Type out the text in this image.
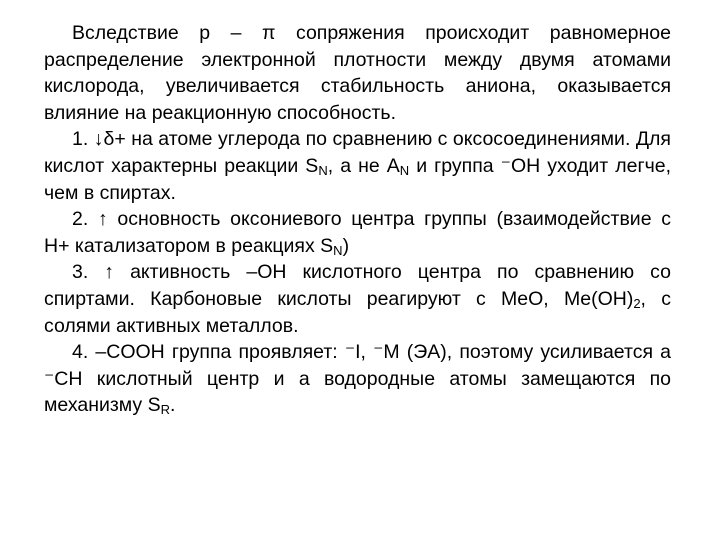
Вследствие р – π сопряжения происходит равномерное распределение электронной плотности между двумя атомами кислорода, увеличивается стабильность аниона, оказывается влияние на реакционную способность.

1. ↓δ+ на атоме углерода по сравнению с оксосоединениями. Для кислот характерны реакции $S_N$, а не $A_N$ и группа ⁻OH уходит легче, чем в спиртах.

2. ↑ основность оксониевого центра группы (взаимодействие с Н+ катализатором в реакциях $S_N$)

3. ↑ активность –OH кислотного центра по сравнению со спиртами. Карбоновые кислоты реагируют с MeO, $Me(OH)_2$, с солями активных металлов.

4. –COOH группа проявляет: ⁻I, ⁻M (ЭА), поэтому усиливается а ⁻CH кислотный центр и а водородные атомы замещаются по механизму $S_R$.
